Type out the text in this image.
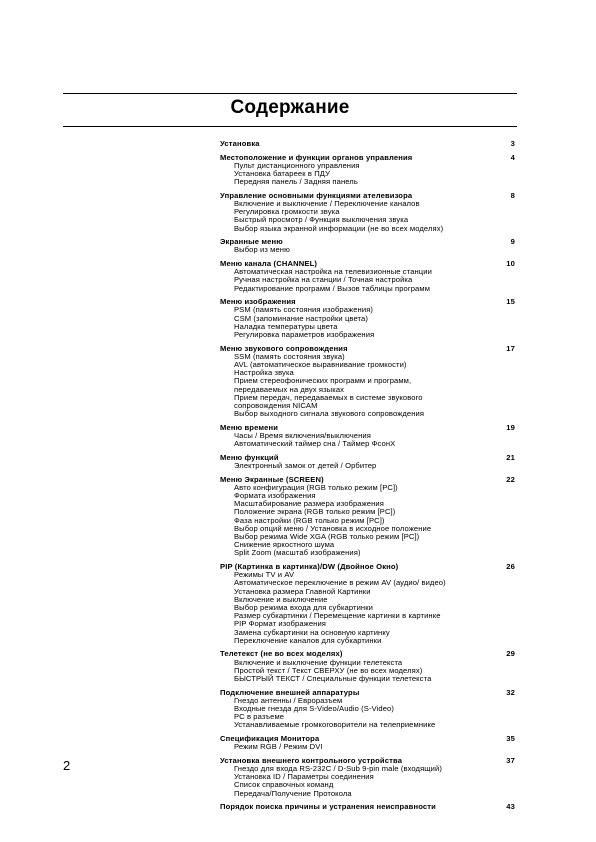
Содержание
Установка	3
Местоположение и функции органов управления	4
Пульт дистанционного управления
Установка батареек в ПДУ
Передняя панель / Задняя панель
Управление основными функциями ателевизора	8
Включение и выключение / Переключение каналов
Регулировка громкости звука
Быстрый просмотр / Функция выключения звука
Выбор языка экранной информации (не во всех моделях)
Экранные меню	9
Выбор из меню
Меню канала (CHANNEL)	10
Автоматическая настройка на телевизионные станции
Ручная настройка на станции / Точная настройка
Редактирование программ / Вызов таблицы программ
Меню изображения	15
PSM (память состояния изображения)
CSM (запоминание настройки цвета)
Наладка температуры цвета
Регулировка параметров изображения
Меню звукового сопровождения	17
SSM (память состояния звука)
AVL (автоматическое выравнивание громкости)
Настройка звука
Прием стереофонических программ и программ,
передаваемых на двух языках
Прием передач, передаваемых в системе звукового
сопровождения NICAM
Выбор выходного сигнала звукового сопровождения
Меню времени	19
Часы / Время включения/выключения
Автоматический таймер сна / Таймер ФсонХ
Меню функций	21
Электронный замок от детей / Орбитер
Меню Экранные (SCREEN)	22
Авто конфигурация (RGB только режим [PC])
Формата изображения
Масштабирование размера изображения
Положение экрана (RGB только режим [PC])
Фаза настройки (RGB только режим [PC])
Выбор опций меню / Установка в исходное положение
Выбор режима Wide XGA (RGB только режим [PC])
Снижение яркостного шума
Split Zoom (масштаб изображения)
PIP (Картинка в картинка)/DW (Двойное Окно)	26
Режимы TV и AV
Автоматическое переключение в режим AV (аудио/ видео)
Установка размера Главной Картинки
Включение и выключение
Выбор режима входа для субкартинки
Размер субкартинки / Перемещение картинки в картинке
PIP Формат изображения
Замена субкартинки на основную картинку
Переключение каналов для субкартинки
Телетекст (не во всех моделях)	29
Включение и выключение функции телетекста
Простой текст / Текст СВЕРХУ (не во всех моделях)
БЫСТРЫЙ ТЕКСТ / Специальные функции телетекста
Подключение внешней аппаратуры	32
Гнездо антенны / Евроразъем
Входные гнезда для S-Video/Audio (S-Video)
PC в разъеме
Устанавливаемые громкоговорители на телеприемнике
Спецификация Монитора	35
Режим RGB / Режим DVI
Установка внешнего контрольного устройства	37
Гнездо для входа RS-232C / D-Sub 9-pin male (входящий)
Установка ID / Параметры соединения
Список справочных команд
Передача/Получение Протокола
Порядок поиска причины и устранения неисправности	43
2
